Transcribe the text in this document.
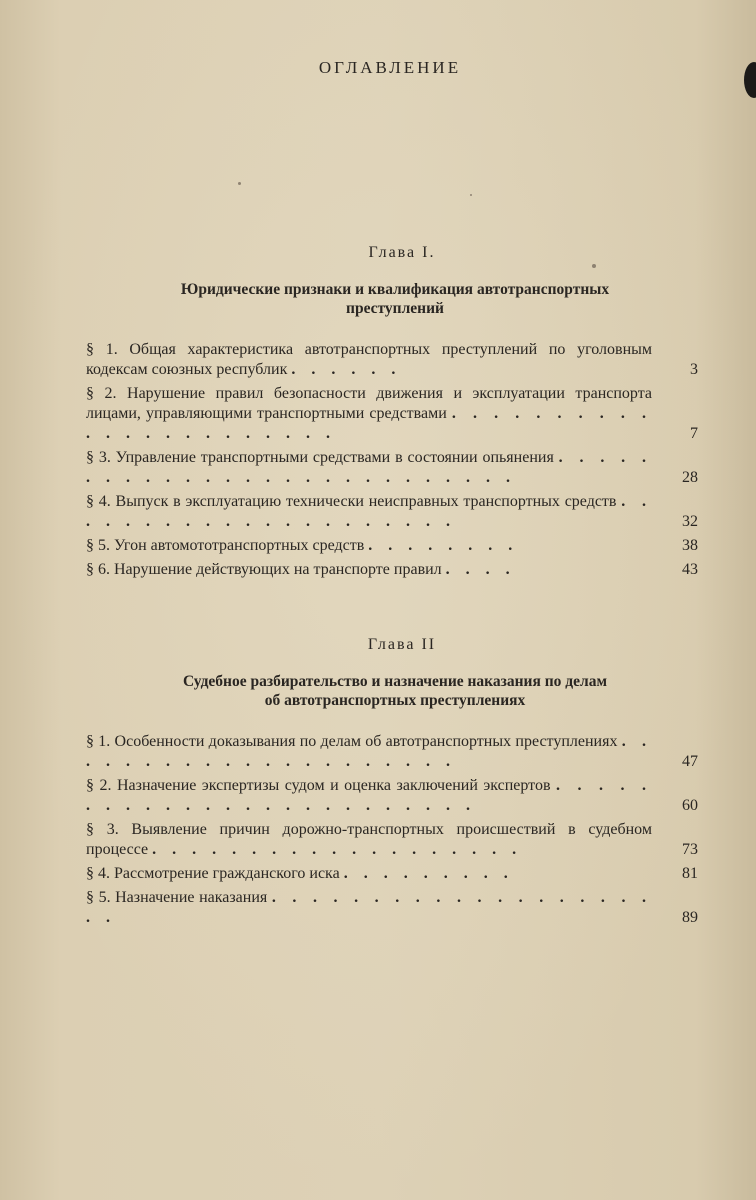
ОГЛАВЛЕНИЕ
Глава I.
Юридические признаки и квалификация автотранспортных
преступлений
§ 1. Общая характеристика автотранспортных преступлений по уголовным кодексам союзных республик . . . . . .	3
§ 2. Нарушение правил безопасности движения и эксплуатации транспорта лицами, управляющими транспортными средствами . . . . . . . . . . . . . . . . . . . . . . .	7
§ 3. Управление транспортными средствами в состоянии опьянения . . . . . . . . . . . . . . . . . . . . . . . . . . .	28
§ 4. Выпуск в эксплуатацию технически неисправных транспортных средств . . . . . . . . . . . . . . . . . . . . .	32
§ 5. Угон автомототранспортных средств . . . . . . . .	38
§ 6. Нарушение действующих на транспорте правил . . . .	43
Глава II
Судебное разбирательство и назначение наказания по делам
об автотранспортных преступлениях
§ 1. Особенности доказывания по делам об автотранспортных преступлениях . . . . . . . . . . . . . . . . . . . . .	47
§ 2. Назначение экспертизы судом и оценка заключений экспертов . . . . . . . . . . . . . . . . . . . . . . . . .	60
§ 3. Выявление причин дорожно-транспортных происшествий в судебном процессе . . . . . . . . . . . . . . . . . . .	73
§ 4. Рассмотрение гражданского иска . . . . . . . . .	81
§ 5. Назначение наказания . . . . . . . . . . . . . . . . . . . . .	89
